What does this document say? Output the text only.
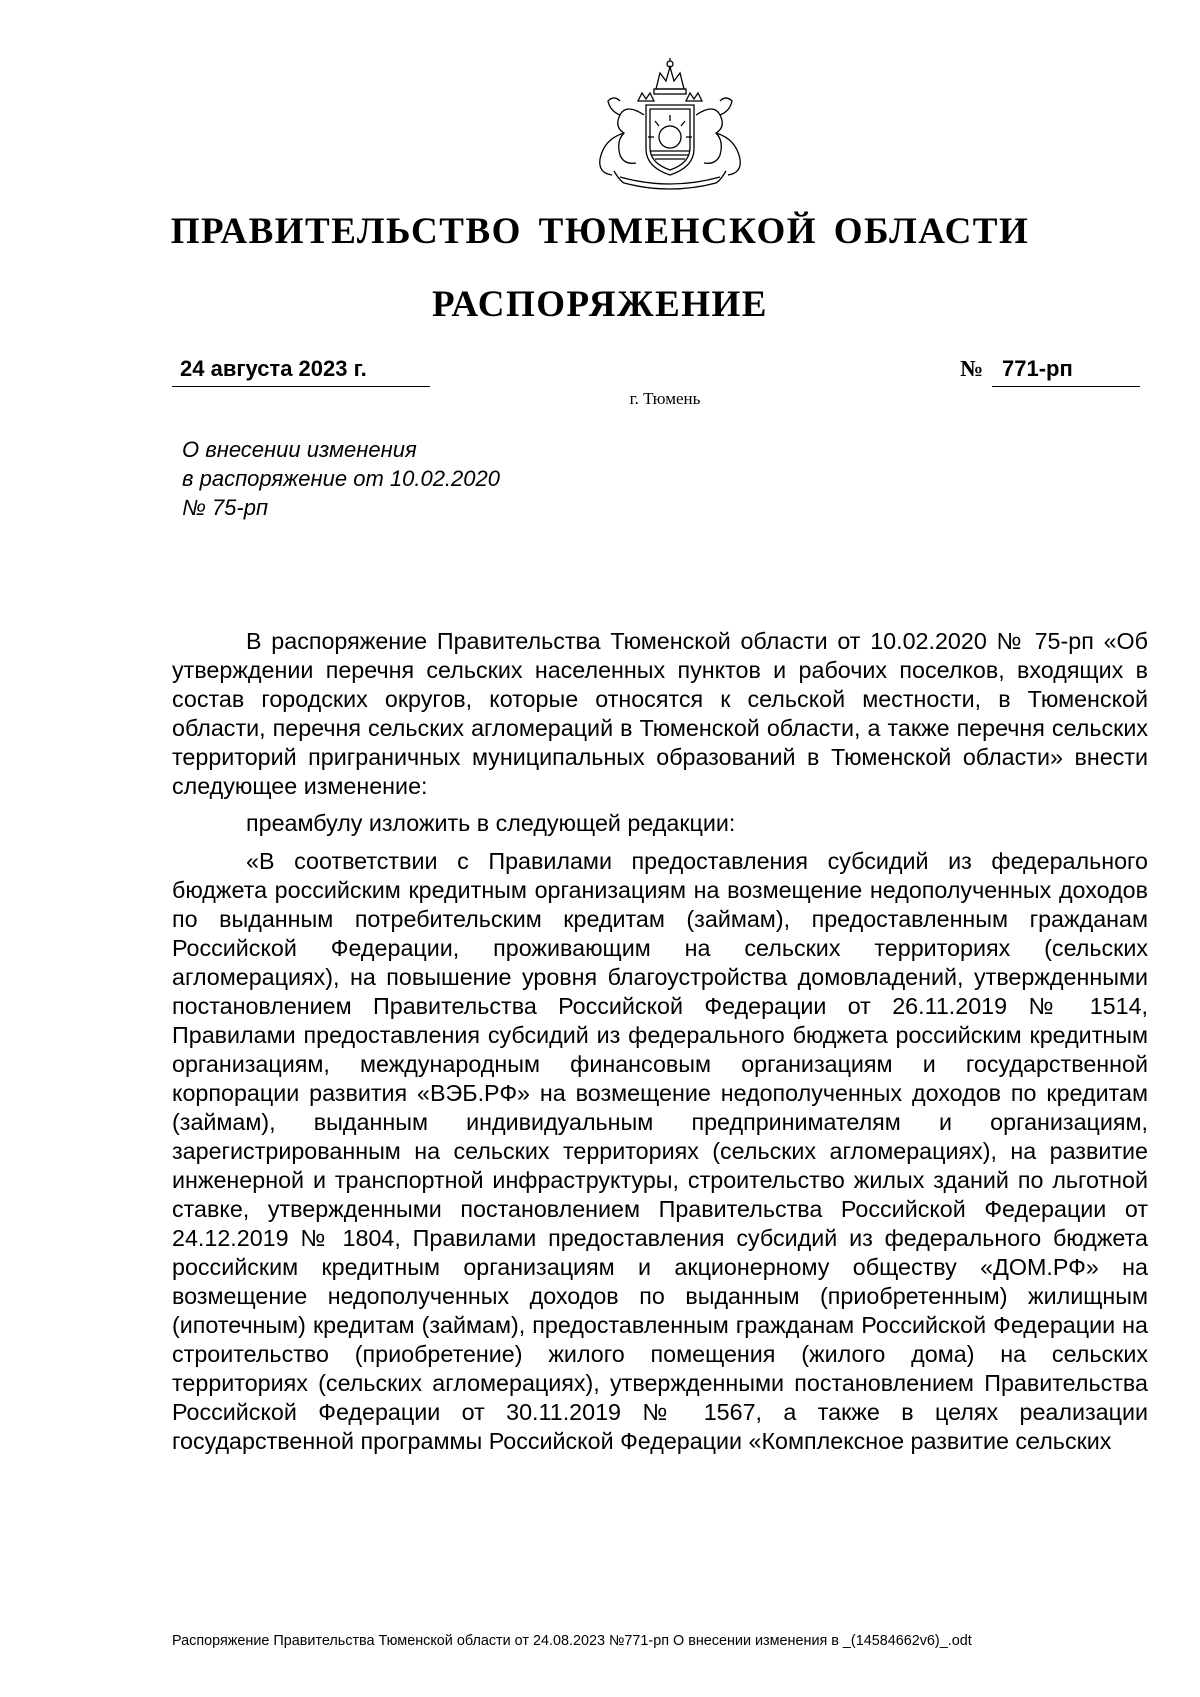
ПРАВИТЕЛЬСТВО ТЮМЕНСКОЙ ОБЛАСТИ
РАСПОРЯЖЕНИЕ
24 августа 2023 г.	№ 771-рп
г. Тюмень
О внесении изменения
в распоряжение от 10.02.2020
№ 75-рп

В распоряжение Правительства Тюменской области от 10.02.2020 № 75-рп «Об утверждении перечня сельских населенных пунктов и рабочих поселков, входящих в состав городских округов, которые относятся к сельской местности, в Тюменской области, перечня сельских агломераций в Тюменской области, а также перечня сельских территорий приграничных муниципальных образований в Тюменской области» внести следующее изменение:

преамбулу изложить в следующей редакции:

«В соответствии с Правилами предоставления субсидий из федерального бюджета российским кредитным организациям на возмещение недополученных доходов по выданным потребительским кредитам (займам), предоставленным гражданам Российской Федерации, проживающим на сельских территориях (сельских агломерациях), на повышение уровня благоустройства домовладений, утвержденными постановлением Правительства Российской Федерации от 26.11.2019 № 1514, Правилами предоставления субсидий из федерального бюджета российским кредитным организациям, международным финансовым организациям и государственной корпорации развития «ВЭБ.РФ» на возмещение недополученных доходов по кредитам (займам), выданным индивидуальным предпринимателям и организациям, зарегистрированным на сельских территориях (сельских агломерациях), на развитие инженерной и транспортной инфраструктуры, строительство жилых зданий по льготной ставке, утвержденными постановлением Правительства Российской Федерации от 24.12.2019 № 1804, Правилами предоставления субсидий из федерального бюджета российским кредитным организациям и акционерному обществу «ДОМ.РФ» на возмещение недополученных доходов по выданным (приобретенным) жилищным (ипотечным) кредитам (займам), предоставленным гражданам Российской Федерации на строительство (приобретение) жилого помещения (жилого дома) на сельских территориях (сельских агломерациях), утвержденными постановлением Правительства Российской Федерации от 30.11.2019 № 1567, а также в целях реализации государственной программы Российской Федерации «Комплексное развитие сельских

Распоряжение Правительства Тюменской области от 24.08.2023 №771-рп О внесении изменения в _(14584662v6)_.odt
